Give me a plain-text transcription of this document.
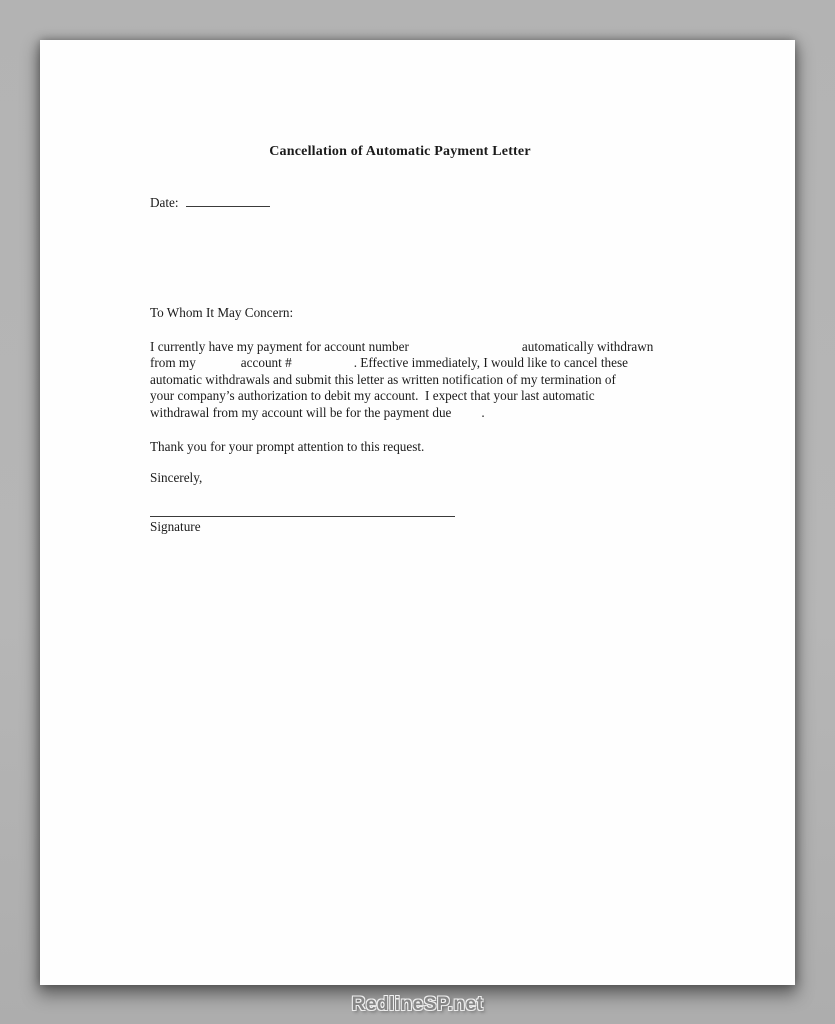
Cancellation of Automatic Payment Letter
Date:
To Whom It May Concern:
I currently have my payment for account number	automatically withdrawn
from my	account #	. Effective immediately, I would like to cancel these
automatic withdrawals and submit this letter as written notification of my termination of
your company’s authorization to debit my account.  I expect that your last automatic
withdrawal from my account will be for the payment due .
Thank you for your prompt attention to this request.
Sincerely,
Signature
RedlineSP.net
